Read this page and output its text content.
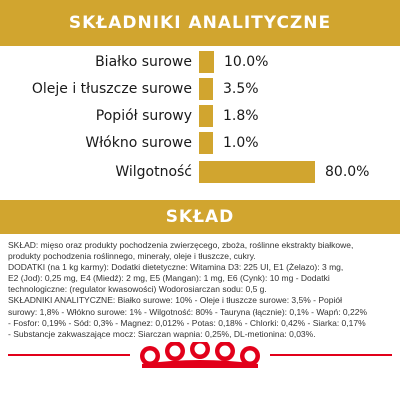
SKŁADNIKI ANALITYCZNE
Białko surowe 10.0%
Oleje i tłuszcze surowe 3.5%
Popiół surowy 1.8%
Włókno surowe 1.0%
Wilgotność	80.0%
SKŁAD
SKŁAD: mięso oraz produkty pochodzenia zwierzęcego, zboża, roślinne ekstrakty białkowe,
produkty pochodzenia roślinnego, minerały, oleje i tłuszcze, cukry.
DODATKI (na 1 kg karmy): Dodatki dietetyczne: Witamina D3: 225 UI, E1 (Żelazo): 3 mg,
E2 (Jod): 0,25 mg, E4 (Miedź): 2 mg, E5 (Mangan): 1 mg, E6 (Cynk): 10 mg - Dodatki
technologiczne: (regulator kwasowości) Wodorosiarczan sodu: 0,5 g.
SKŁADNIKI ANALITYCZNE: Białko surowe: 10% - Oleje i tłuszcze surowe: 3,5% - Popiół
surowy: 1,8% - Włókno surowe: 1% - Wilgotność: 80% - Tauryna (łącznie): 0,1% - Wapń: 0,22%
- Fosfor: 0,19% - Sód: 0,3% - Magnez: 0,012% - Potas: 0,18% - Chlorki: 0,42% - Siarka: 0,17%
- Substancje zakwaszające mocz: Siarczan wapnia: 0,25%, DL-metionina: 0,03%.
